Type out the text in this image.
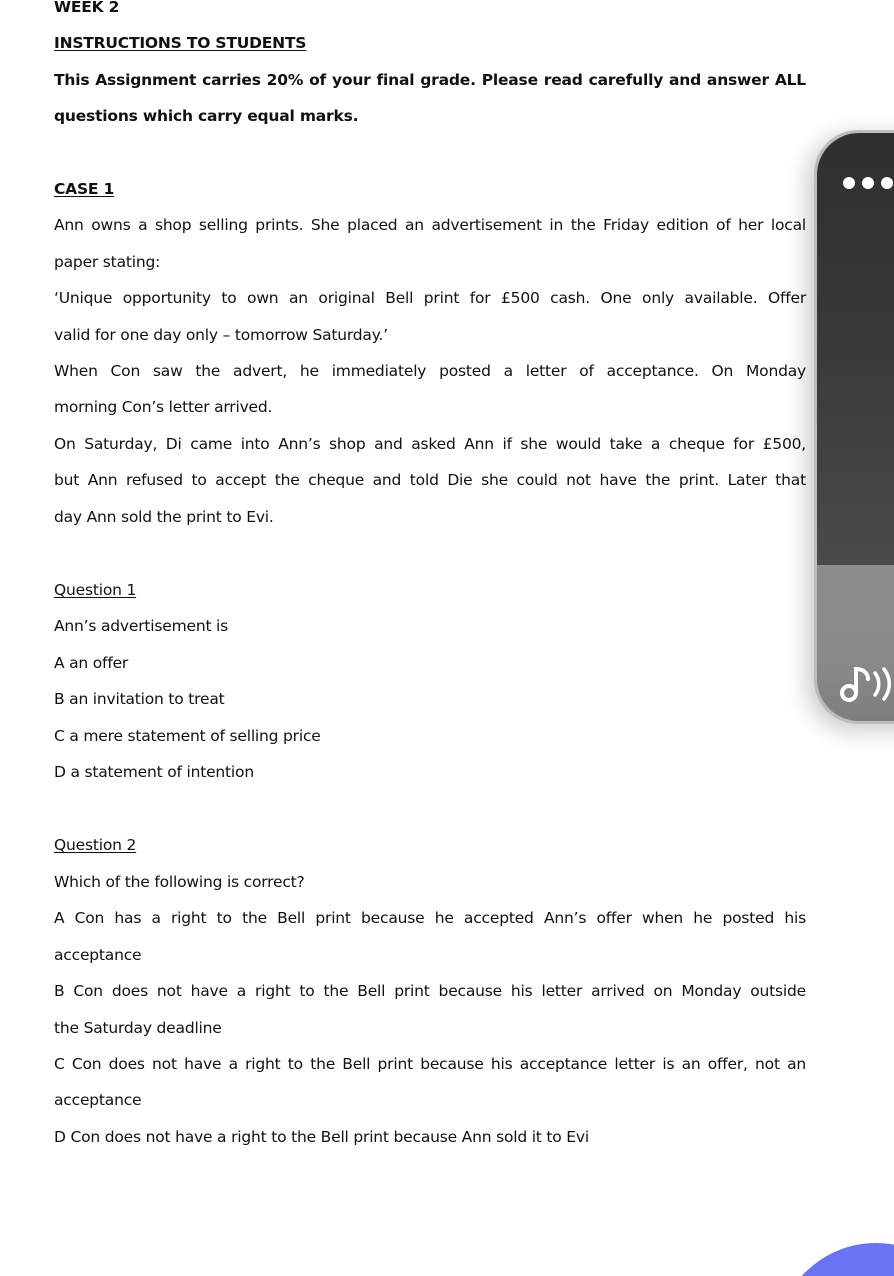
WEEK 2
INSTRUCTIONS TO STUDENTS
This Assignment carries 20% of your final grade. Please read carefully and answer ALL
questions which carry equal marks.
CASE 1
Ann owns a shop selling prints. She placed an advertisement in the Friday edition of her local
paper stating:
‘Unique opportunity to own an original Bell print for £500 cash. One only available. Offer
valid for one day only – tomorrow Saturday.’
When Con saw the advert, he immediately posted a letter of acceptance. On Monday
morning Con’s letter arrived.
On Saturday, Di came into Ann’s shop and asked Ann if she would take a cheque for £500,
but Ann refused to accept the cheque and told Die she could not have the print. Later that
day Ann sold the print to Evi.
Question 1
Ann’s advertisement is
A an offer
B an invitation to treat
C a mere statement of selling price
D a statement of intention
Question 2
Which of the following is correct?
A Con has a right to the Bell print because he accepted Ann’s offer when he posted his
acceptance
B Con does not have a right to the Bell print because his letter arrived on Monday outside
the Saturday deadline
C Con does not have a right to the Bell print because his acceptance letter is an offer, not an
acceptance
D Con does not have a right to the Bell print because Ann sold it to Evi
